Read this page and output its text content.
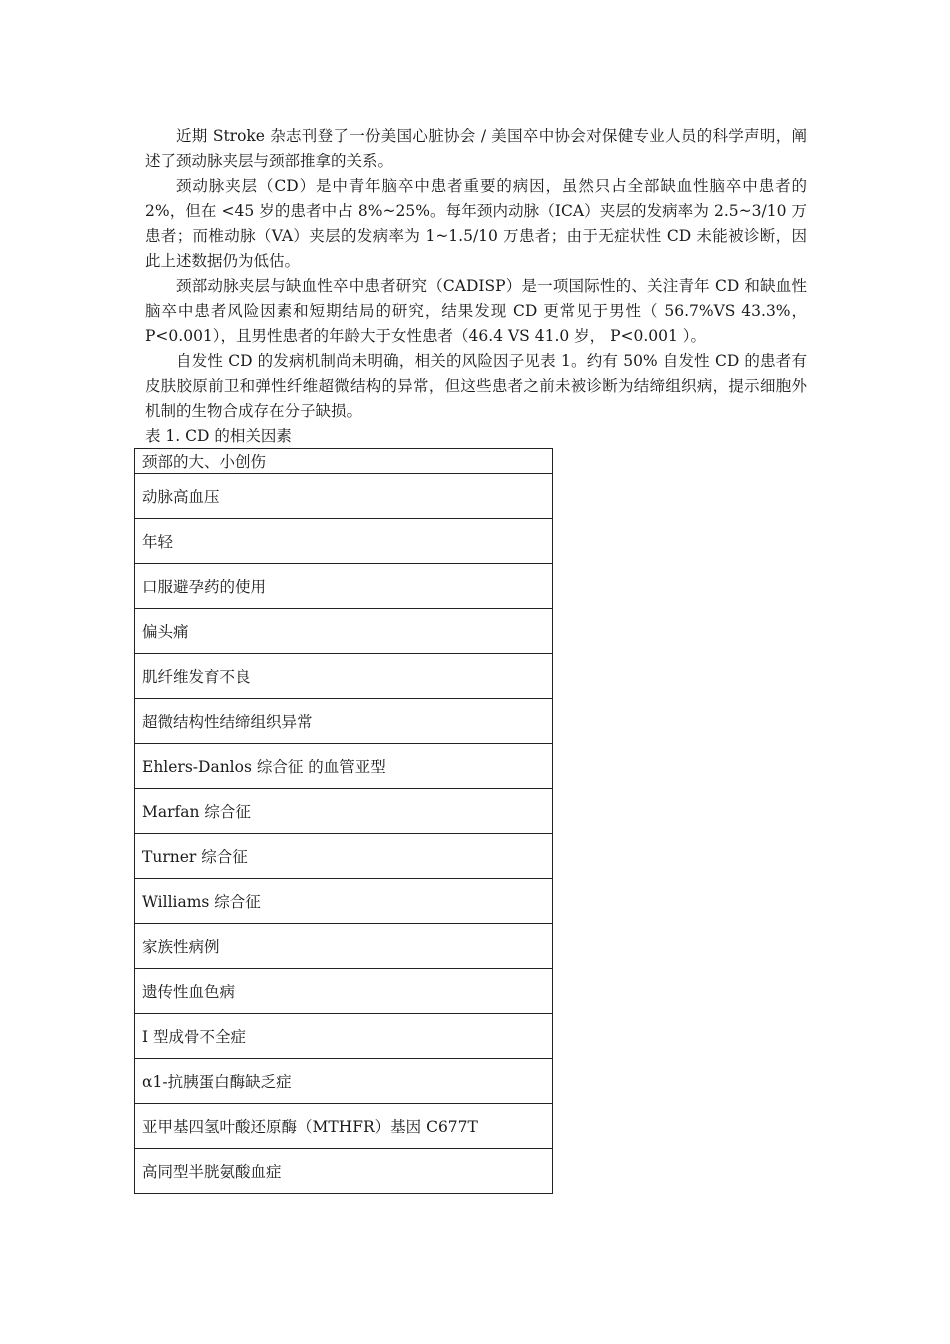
近期 Stroke 杂志刊登了一份美国心脏协会 / 美国卒中协会对保健专业人员的科学声明，阐述了颈动脉夹层与颈部推拿的关系。

颈动脉夹层（CD）是中青年脑卒中患者重要的病因，虽然只占全部缺血性脑卒中患者的 2%，但在 <45 岁的患者中占 8%~25%。每年颈内动脉（ICA）夹层的发病率为 2.5~3/10 万患者；而椎动脉（VA）夹层的发病率为 1~1.5/10 万患者；由于无症状性 CD 未能被诊断，因此上述数据仍为低估。

颈部动脉夹层与缺血性卒中患者研究（CADISP）是一项国际性的、关注青年 CD 和缺血性脑卒中患者风险因素和短期结局的研究，结果发现 CD 更常见于男性（ 56.7%VS 43.3%，P<0.001），且男性患者的年龄大于女性患者（46.4 VS 41.0 岁， P<0.001 ）。

自发性 CD 的发病机制尚未明确，相关的风险因子见表 1。约有 50% 自发性 CD 的患者有皮肤胶原前卫和弹性纤维超微结构的异常，但这些患者之前未被诊断为结缔组织病，提示细胞外机制的生物合成存在分子缺损。

表 1. CD 的相关因素

颈部的大、小创伤
动脉高血压
年轻
口服避孕药的使用
偏头痛
肌纤维发育不良
超微结构性结缔组织异常
Ehlers-Danlos 综合征 的血管亚型
Marfan 综合征
Turner 综合征
Williams 综合征
家族性病例
遗传性血色病
I 型成骨不全症
α1-抗胰蛋白酶缺乏症
亚甲基四氢叶酸还原酶（MTHFR）基因 C677T
高同型半胱氨酸血症
